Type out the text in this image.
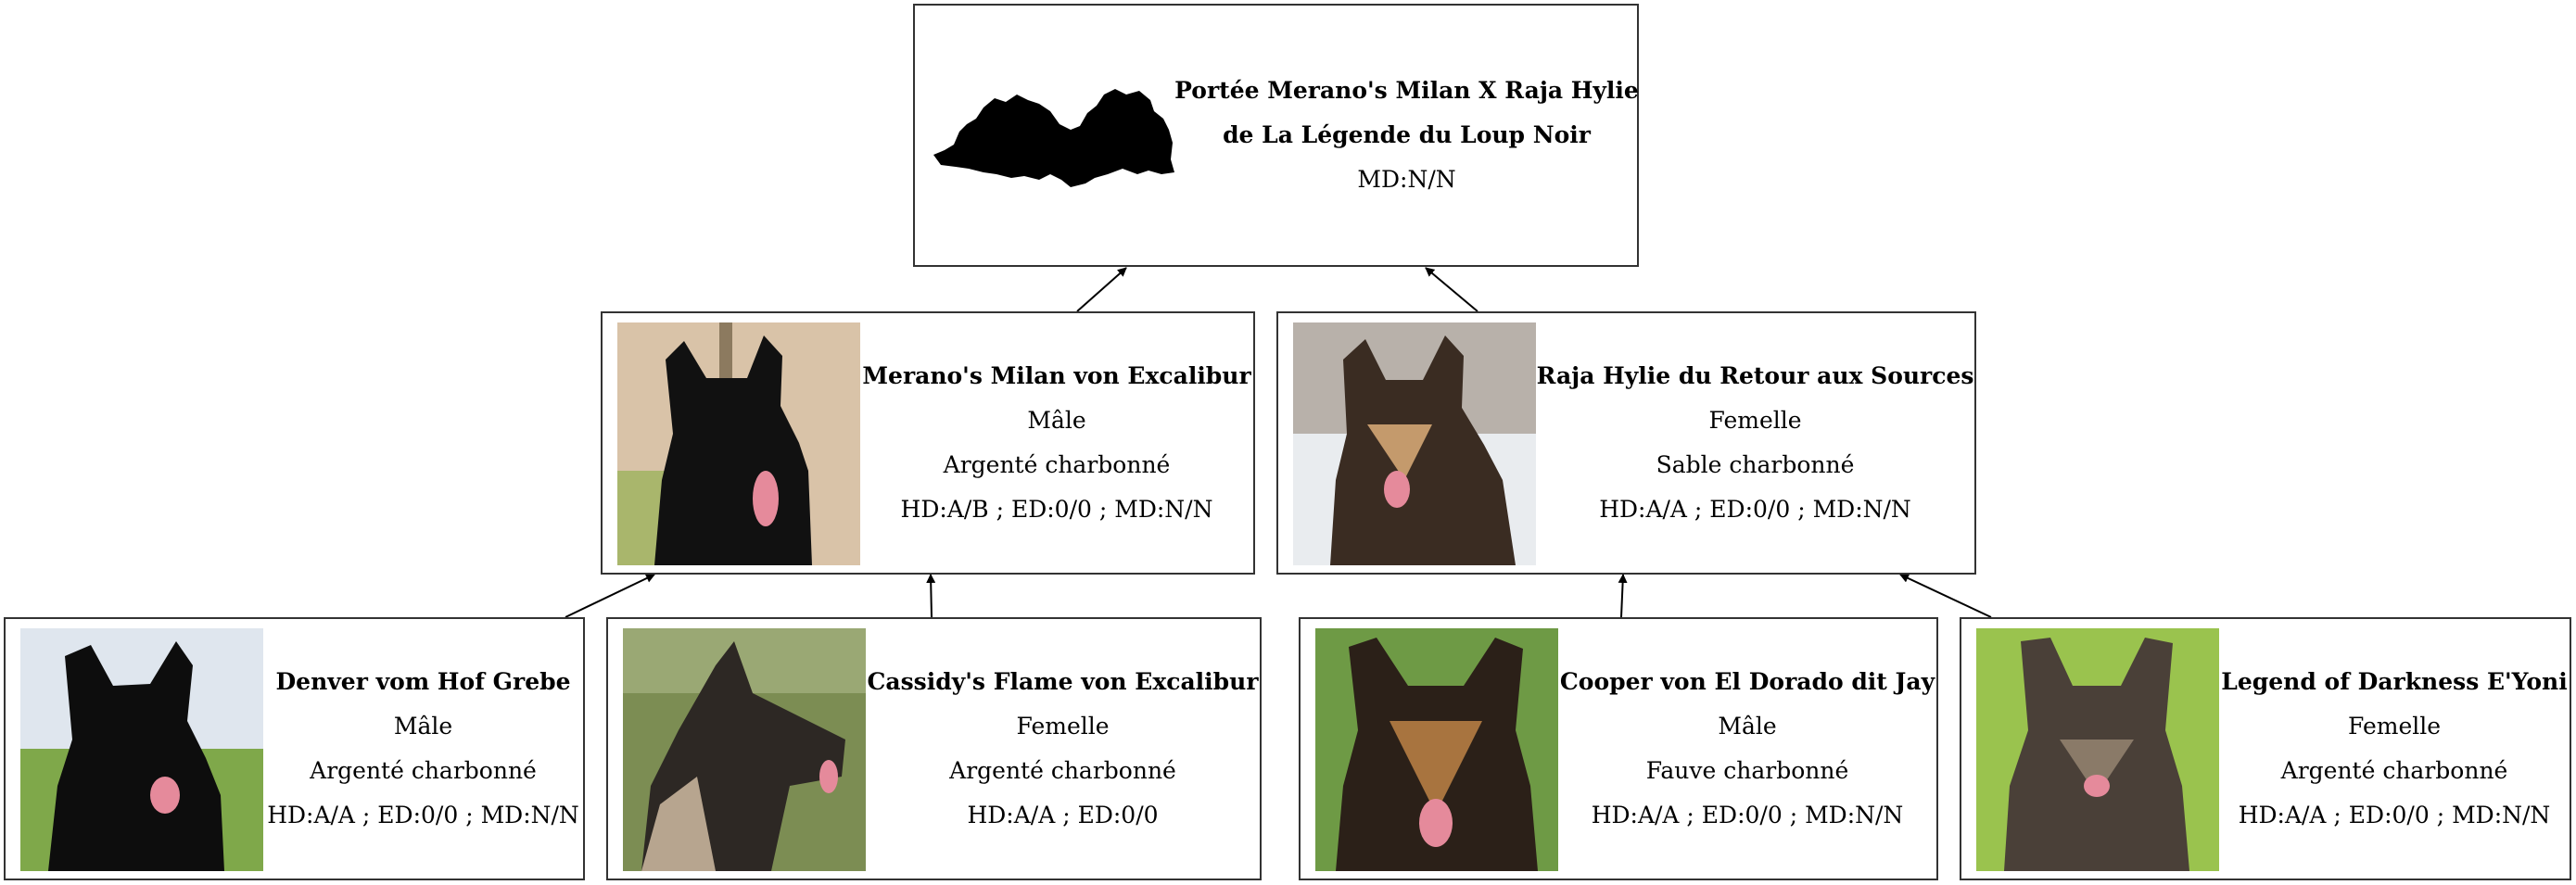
Portée Merano's Milan X Raja Hylie
de La Légende du Loup Noir
MD:N/N
Merano's Milan von Excalibur
Mâle
Argenté charbonné
HD:A/B ; ED:0/0 ; MD:N/N
Raja Hylie du Retour aux Sources
Femelle
Sable charbonné
HD:A/A ; ED:0/0 ; MD:N/N
Denver vom Hof Grebe
Mâle
Argenté charbonné
HD:A/A ; ED:0/0 ; MD:N/N
Cassidy's Flame von Excalibur
Femelle
Argenté charbonné
HD:A/A ; ED:0/0
Cooper von El Dorado dit Jay
Mâle
Fauve charbonné
HD:A/A ; ED:0/0 ; MD:N/N
Legend of Darkness E'Yoni
Femelle
Argenté charbonné
HD:A/A ; ED:0/0 ; MD:N/N
